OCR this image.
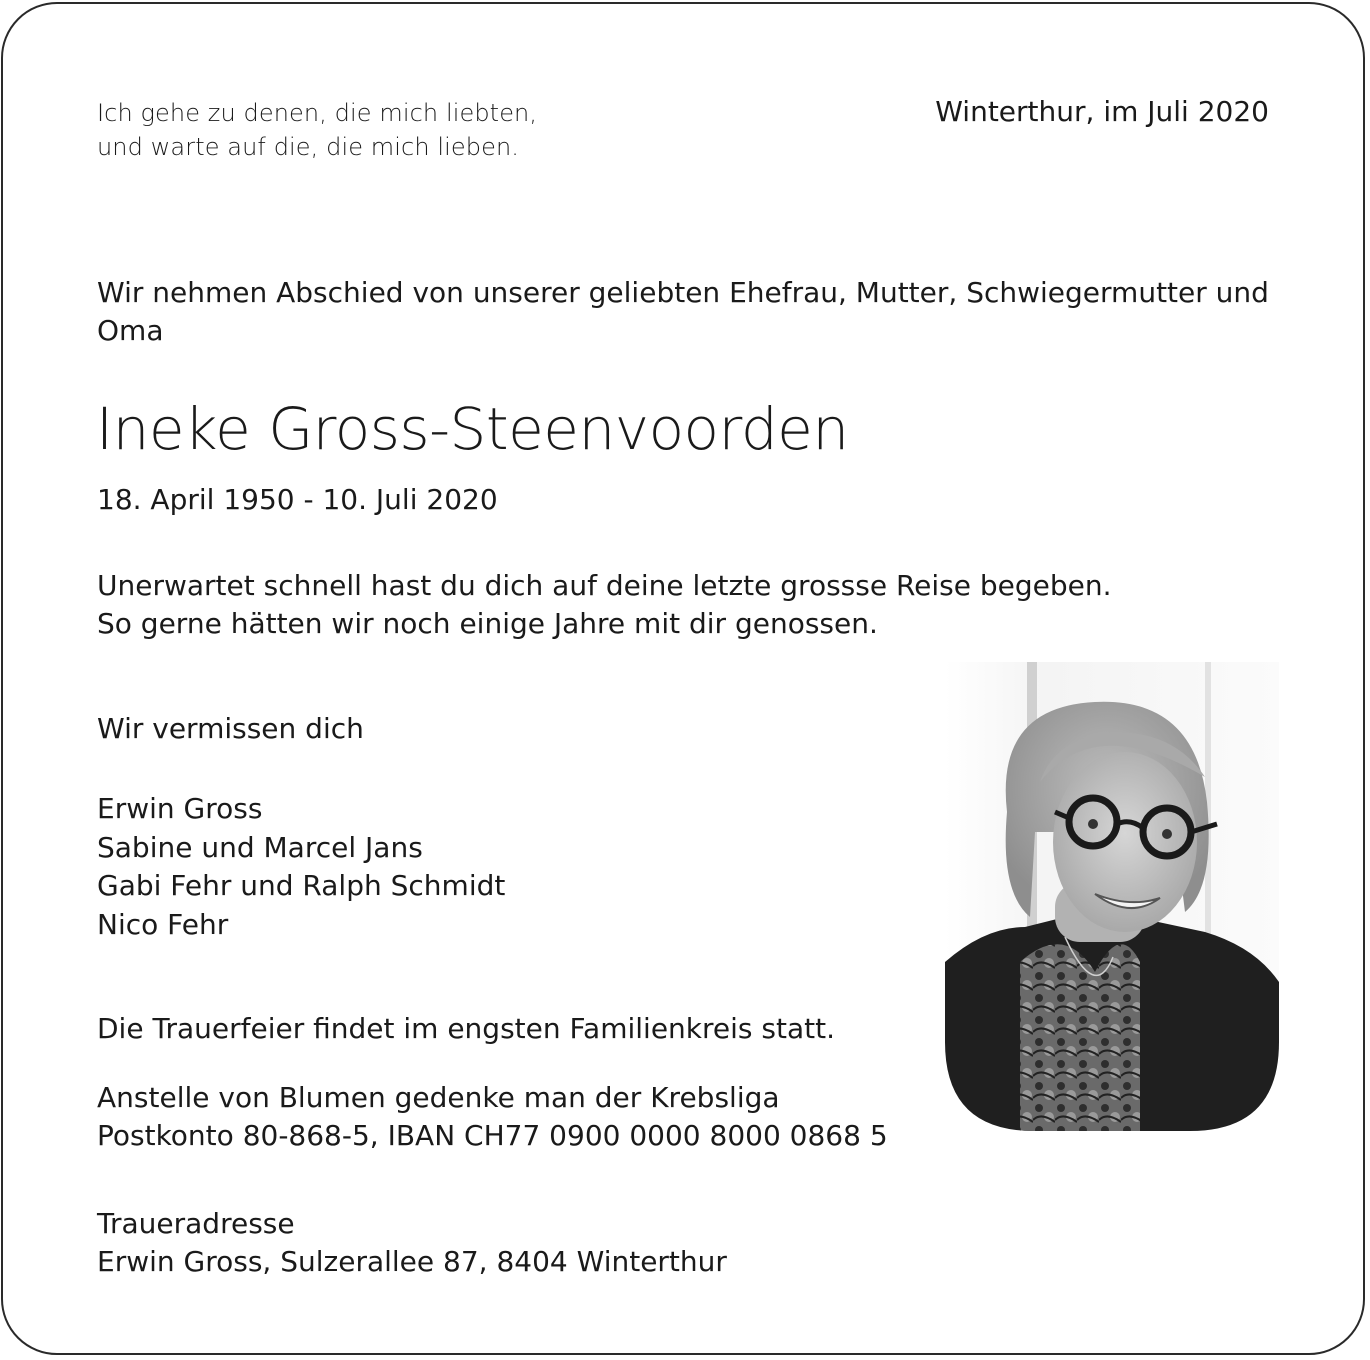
Ich gehe zu denen, die mich liebten,
und warte auf die, die mich lieben.
Winterthur, im Juli 2020
Wir nehmen Abschied von unserer geliebten Ehefrau, Mutter, Schwiegermutter und Oma
Ineke Gross-Steenvoorden
18. April 1950 - 10. Juli 2020
Unerwartet schnell hast du dich auf deine letzte grossse Reise begeben.
So gerne hätten wir noch einige Jahre mit dir genossen.
Wir vermissen dich
Erwin Gross
Sabine und Marcel Jans
Gabi Fehr und Ralph Schmidt
Nico Fehr
Die Trauerfeier findet im engsten Familienkreis statt.
Anstelle von Blumen gedenke man der Krebsliga
Postkonto 80-868-5, IBAN CH77 0900 0000 8000 0868 5
Traueradresse
Erwin Gross, Sulzerallee 87, 8404 Winterthur
